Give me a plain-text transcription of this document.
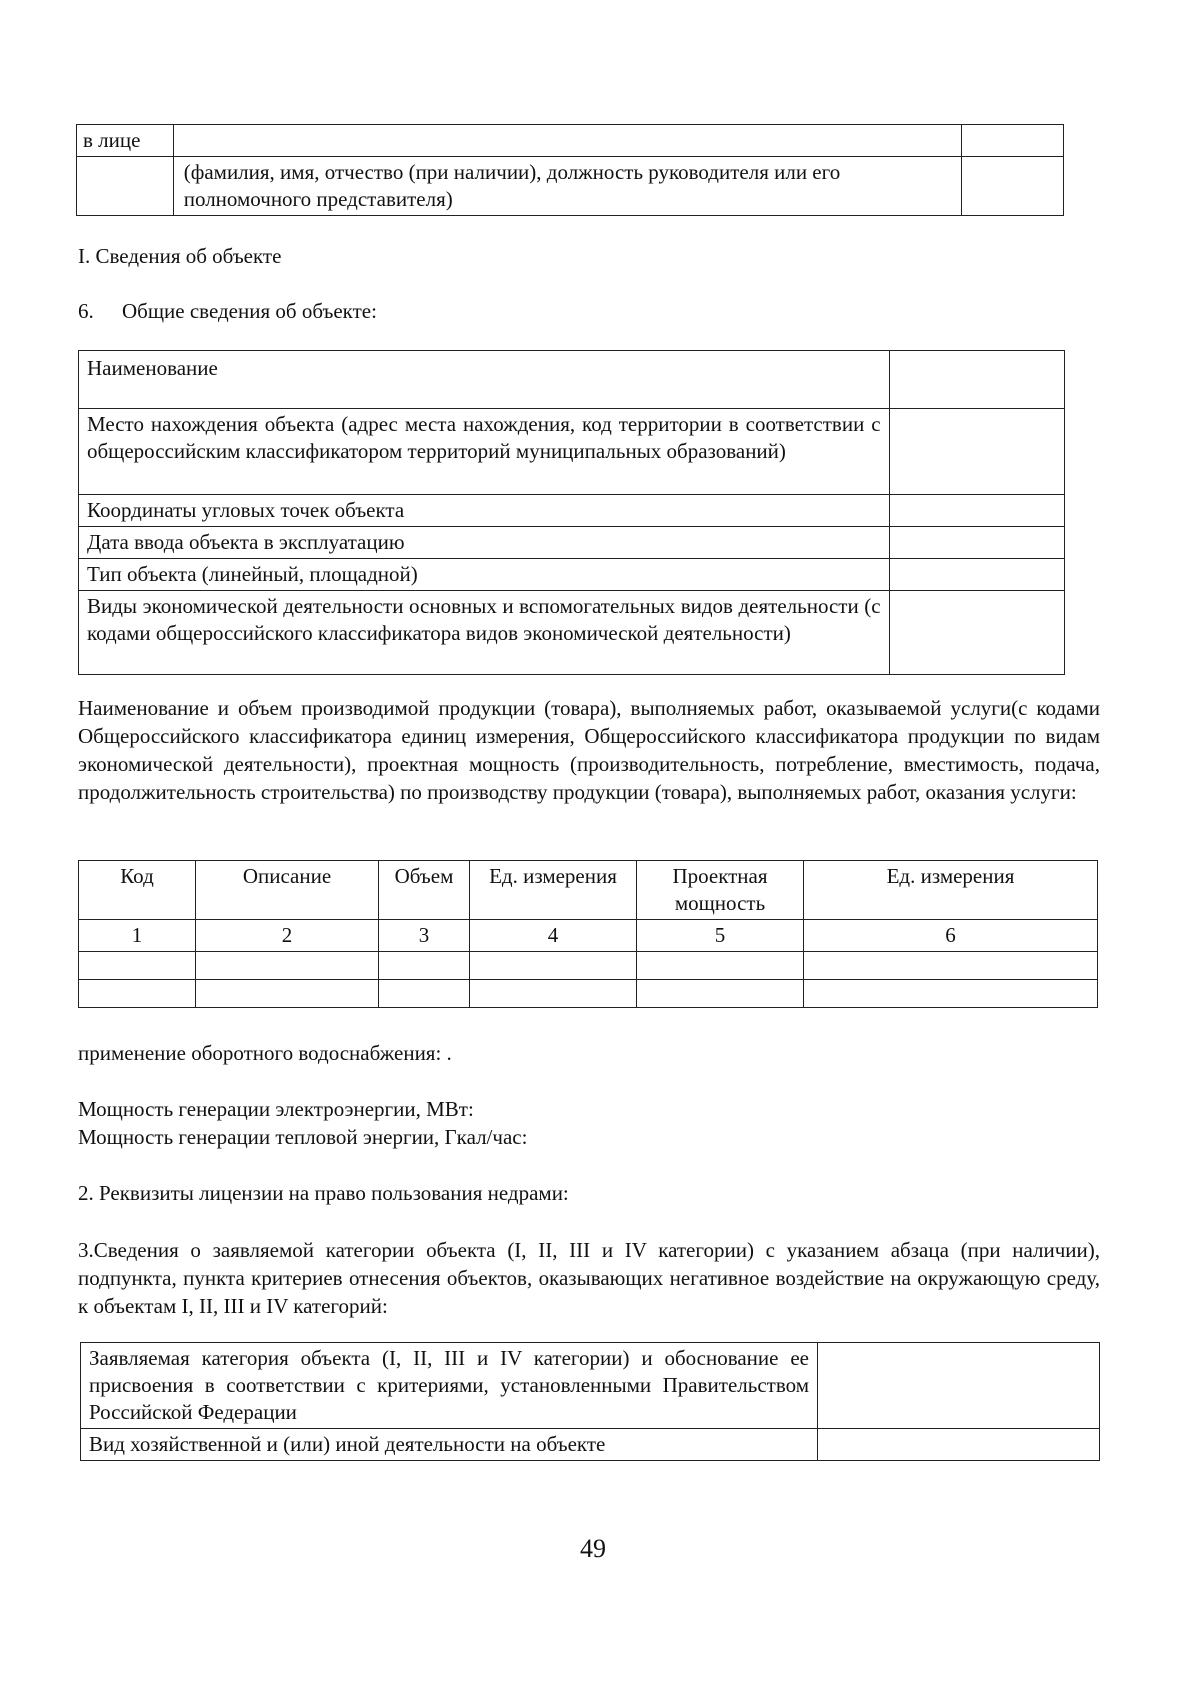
в лице		
	(фамилия, имя, отчество (при наличии), должность руководителя или его полномочного представителя)	
I. Сведения об объекте
6. Общие сведения об объекте:
Наименование	
Место нахождения объекта (адрес места нахождения, код территории в соответствии с общероссийским классификатором территорий муниципальных образований)	
Координаты угловых точек объекта	
Дата ввода объекта в эксплуатацию	
Тип объекта (линейный, площадной)	
Виды экономической деятельности основных и вспомогательных видов деятельности (с кодами общероссийского классификатора видов экономической деятельности)	
Наименование и объем производимой продукции (товара), выполняемых работ, оказываемой услуги(с кодами Общероссийского классификатора единиц измерения, Общероссийского классификатора продукции по видам экономической деятельности), проектная мощность (производительность, потребление, вместимость, подача, продолжительность строительства) по производству продукции (товара), выполняемых работ, оказания услуги:
Код	Описание	Объем	Ед. измерения	Проектная мощность	Ед. измерения
1	2	3	4	5	6

применение оборотного водоснабжения: .
Мощность генерации электроэнергии, МВт:
Мощность генерации тепловой энергии, Гкал/час:
2. Реквизиты лицензии на право пользования недрами:
3.Сведения о заявляемой категории объекта (I, II, III и IV категории) с указанием абзаца (при наличии), подпункта, пункта критериев отнесения объектов, оказывающих негативное воздействие на окружающую среду, к объектам I, II, III и IV категорий:
Заявляемая категория объекта (I, II, III и IV категории) и обоснование ее присвоения в соответствии с критериями, установленными Правительством Российской Федерации	
Вид хозяйственной и (или) иной деятельности на объекте	
49
